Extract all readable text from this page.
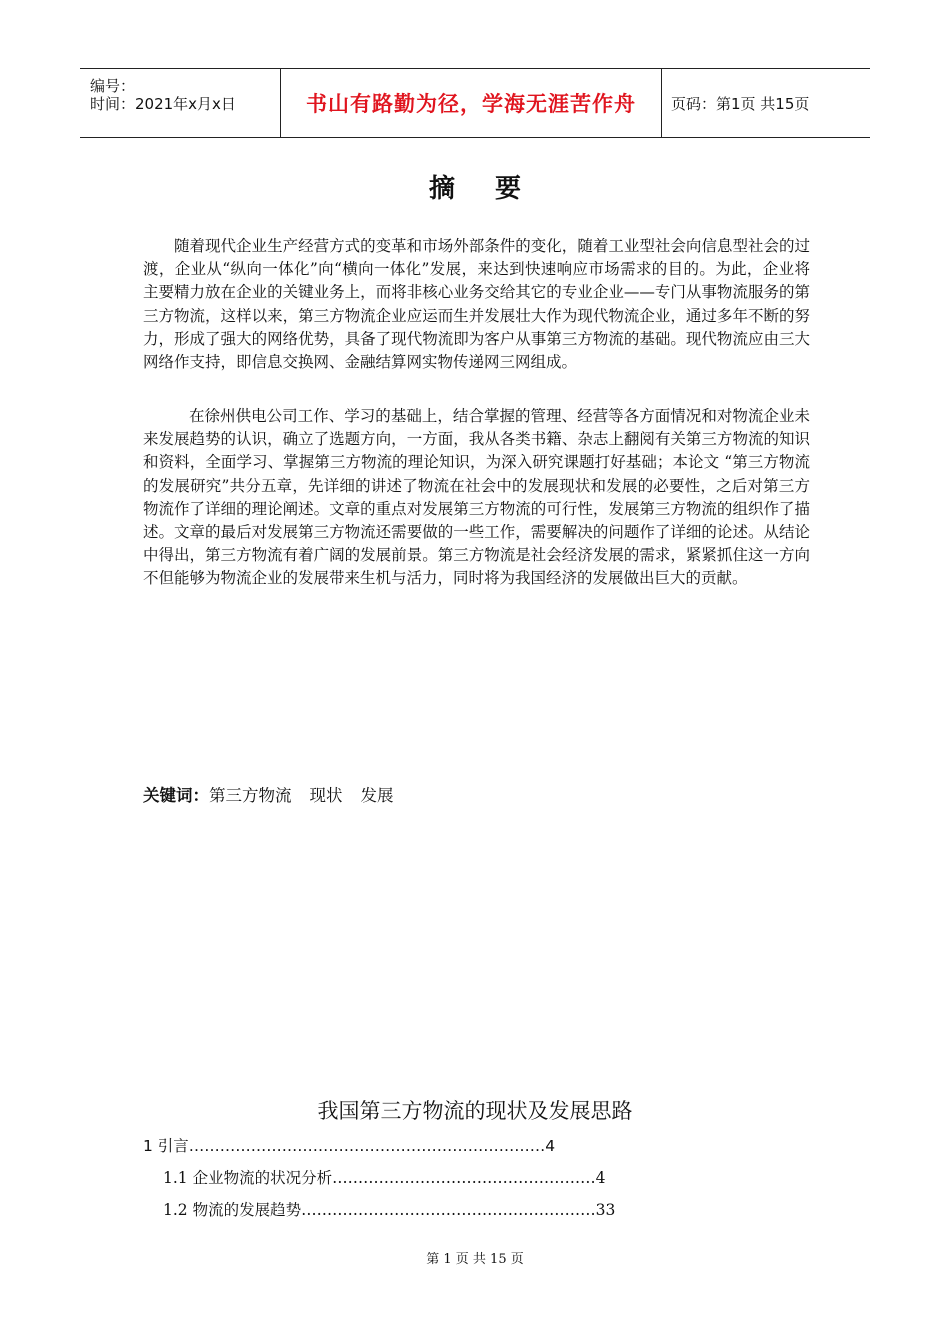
编号：
时间：2021年x月x日	书山有路勤为径，学海无涯苦作舟	页码：第1页 共15页
摘要

随着现代企业生产经营方式的变革和市场外部条件的变化，随着工业型社会向信息型社会的过渡，企业从“纵向一体化”向“横向一体化”发展，来达到快速响应市场需求的目的。为此，企业将主要精力放在企业的关键业务上，而将非核心业务交给其它的专业企业——专门从事物流服务的第三方物流，这样以来，第三方物流企业应运而生并发展壮大作为现代物流企业，通过多年不断的努力，形成了强大的网络优势，具备了现代物流即为客户从事第三方物流的基础。现代物流应由三大网络作支持，即信息交换网、金融结算网实物传递网三网组成。

在徐州供电公司工作、学习的基础上，结合掌握的管理、经营等各方面情况和对物流企业未来发展趋势的认识，确立了选题方向，一方面，我从各类书籍、杂志上翻阅有关第三方物流的知识和资料，全面学习、掌握第三方物流的理论知识，为深入研究课题打好基础；本论文 “第三方物流的发展研究”共分五章，先详细的讲述了物流在社会中的发展现状和发展的必要性，之后对第三方物流作了详细的理论阐述。文章的重点对发展第三方物流的可行性，发展第三方物流的组织作了描述。文章的最后对发展第三方物流还需要做的一些工作，需要解决的问题作了详细的论述。从结论中得出，第三方物流有着广阔的发展前景。第三方物流是社会经济发展的需求，紧紧抓住这一方向不但能够为物流企业的发展带来生机与活力，同时将为我国经济的发展做出巨大的贡献。

关键词：第三方物流 现状 发展
我国第三方物流的现状及发展思路
1 引言……………………………………………………………4
1.1 企业物流的状况分析……………………………………………4
1.2 物流的发展趋势…………………………………………………33
第 1 页 共 15 页
